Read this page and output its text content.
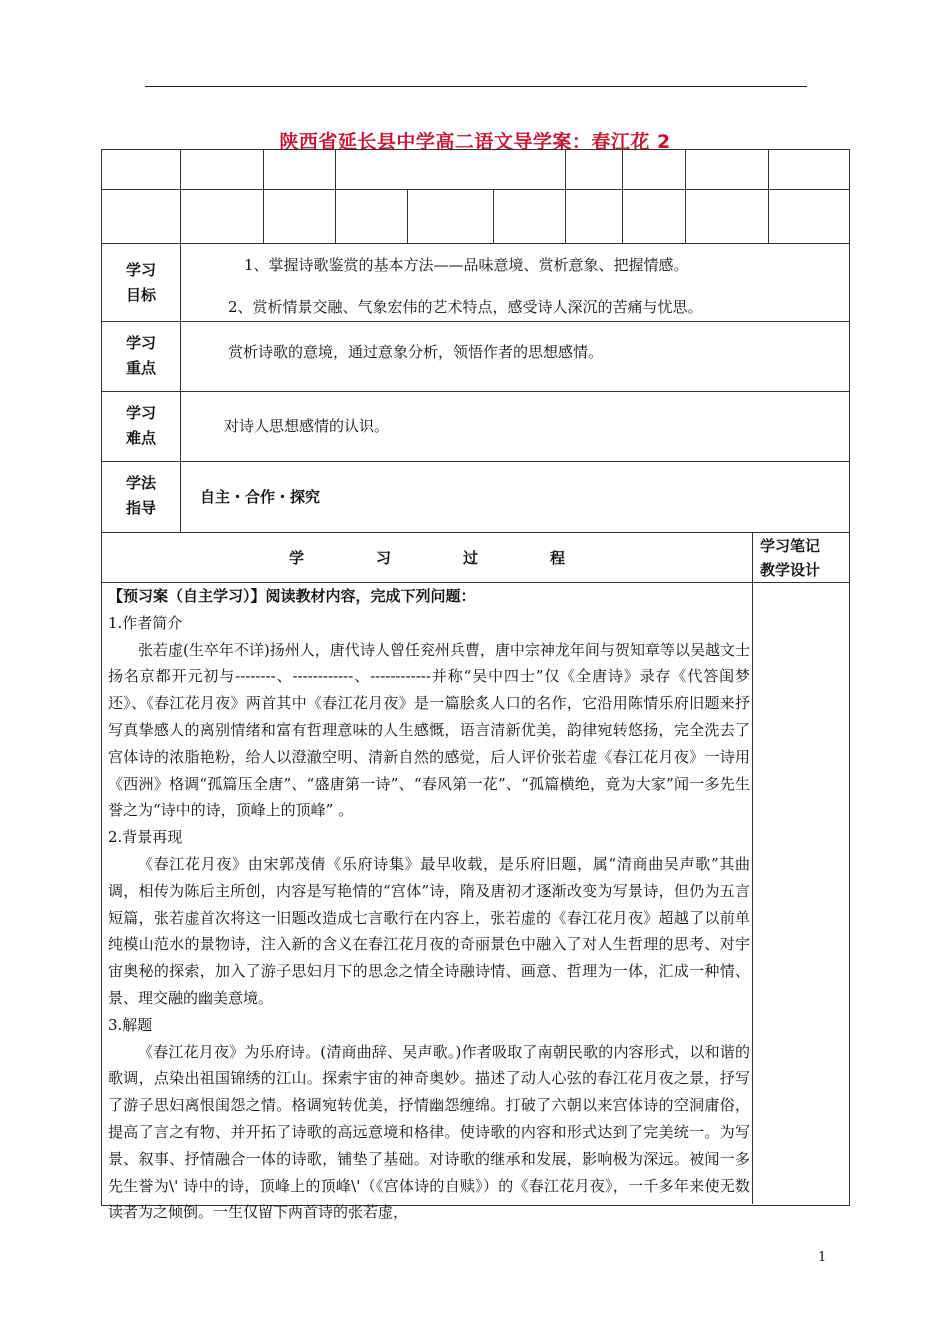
陕西省延长县中学高二语文导学案：春江花 2
学习
目标
1、掌握诗歌鉴赏的基本方法——品味意境、赏析意象、把握情感。
2、赏析情景交融、气象宏伟的艺术特点，感受诗人深沉的苦痛与忧思。
学习
重点
赏析诗歌的意境，通过意象分析，领悟作者的思想感情。
学习
难点
对诗人思想感情的认识。
学法
指导
自主・合作・探究
学	习	过	程
学习笔记
教学设计

【预习案（自主学习）】阅读教材内容，完成下列问题：

1.作者简介

张若虚(生卒年不详)扬州人，唐代诗人曾任兖州兵曹，唐中宗神龙年间与贺知章等以吴越文士扬名京都开元初与--------、------------、------------并称“吴中四士”仅《全唐诗》录存《代答闺梦还》、《春江花月夜》两首其中《春江花月夜》是一篇脍炙人口的名作，它沿用陈情乐府旧题来抒写真挚感人的离别情绪和富有哲理意味的人生感慨，语言清新优美，韵律宛转悠扬，完全洗去了宫体诗的浓脂艳粉，给人以澄澈空明、清新自然的感觉，后人评价张若虚《春江花月夜》一诗用《西洲》格调“孤篇压全唐”、“盛唐第一诗”、“春风第一花”、“孤篇横绝，竟为大家”闻一多先生誉之为“诗中的诗，顶峰上的顶峰” 。

2.背景再现

《春江花月夜》由宋郭茂倩《乐府诗集》最早收载，是乐府旧题，属“清商曲吴声歌”其曲调，相传为陈后主所创，内容是写艳情的“宫体”诗，隋及唐初才逐渐改变为写景诗，但仍为五言短篇，张若虚首次将这一旧题改造成七言歌行在内容上，张若虚的《春江花月夜》超越了以前单纯模山范水的景物诗，注入新的含义在春江花月夜的奇丽景色中融入了对人生哲理的思考、对宇宙奥秘的探索，加入了游子思妇月下的思念之情全诗融诗情、画意、哲理为一体，汇成一种情、景、理交融的幽美意境。

3.解题

《春江花月夜》为乐府诗。(清商曲辞、吴声歌。)作者吸取了南朝民歌的内容形式，以和谐的歌调，点染出祖国锦绣的江山。探索宇宙的神奇奥妙。描述了动人心弦的春江花月夜之景，抒写了游子思妇离恨闺怨之情。格调宛转优美，抒情幽怨缠绵。打破了六朝以来宫体诗的空洞庸俗，提高了言之有物、并开拓了诗歌的高远意境和格律。使诗歌的内容和形式达到了完美统一。为写景、叙事、抒情融合一体的诗歌，铺垫了基础。对诗歌的继承和发展，影响极为深远。被闻一多先生誉为\' 诗中的诗，顶峰上的顶峰\'（《宫体诗的自赎》）的《春江花月夜》，一千多年来使无数读者为之倾倒。一生仅留下两首诗的张若虚，

1
